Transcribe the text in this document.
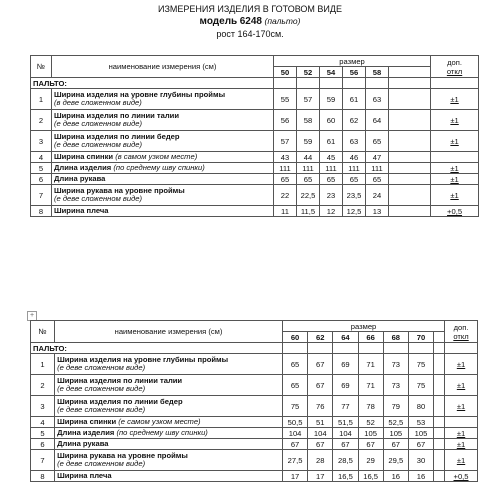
ИЗМЕРЕНИЯ ИЗДЕЛИЯ В ГОТОВОМ ВИДЕ
модель 6248 (пальто)
рост 164-170см.
№	наименование измерения (см)	размер						доп.
откл

		50	52	54	56	58		
ПАЛЬТО:								
1	Ширина изделия на уровне глубины проймы
(в деве сложенном виде)	55	57	59	61	63		±1
2	Ширина изделия по линии талии
(е деве сложенном виде)	56	58	60	62	64		±1
3	Ширина изделия по линии бедер
(е деве сложенном виде)	57	59	61	63	65		±1
4	Ширина спинки (в самом узком месте)	43	44	45	46	47		
5	Длина изделия (по среднему шву спинки)	111	111	111	111	111		±1
6	Длина рукава	65	65	65	65	65		±1
7	Ширина рукава на уровне проймы
(е деве сложенном виде)	22	22,5	23	23,5	24		±1
8	Ширина плеча	11	11,5	12	12,5	13		+0,5
+
№	наименование измерения (см)	размер							доп.
откл

		60	62	64	66	68	70		
ПАЛЬТО:									
1	Ширина изделия на уровне глубины проймы
(е деве сложенном виде)	65	67	69	71	73	75		±1
2	Ширина изделия по линии талии
(е деве сложенном виде)	65	67	69	71	73	75		±1
3	Ширина изделия по линии бедер
(е деве сложенном виде)	75	76	77	78	79	80		±1
4	Ширина спинки (е самом узком месте)	50,5	51	51,5	52	52,5	53		
5	Длина изделия (по среднему шву спинки)	104	104	104	105	105	105		±1
6	Длина рукава	67	67	67	67	67	67		±1
7	Ширина рукава на уровне проймы
(е деве сложенном виде)	27,5	28	28,5	29	29,5	30		±1
8	Ширина плеча	17	17	16,5	16,5	16	16		+0,5
